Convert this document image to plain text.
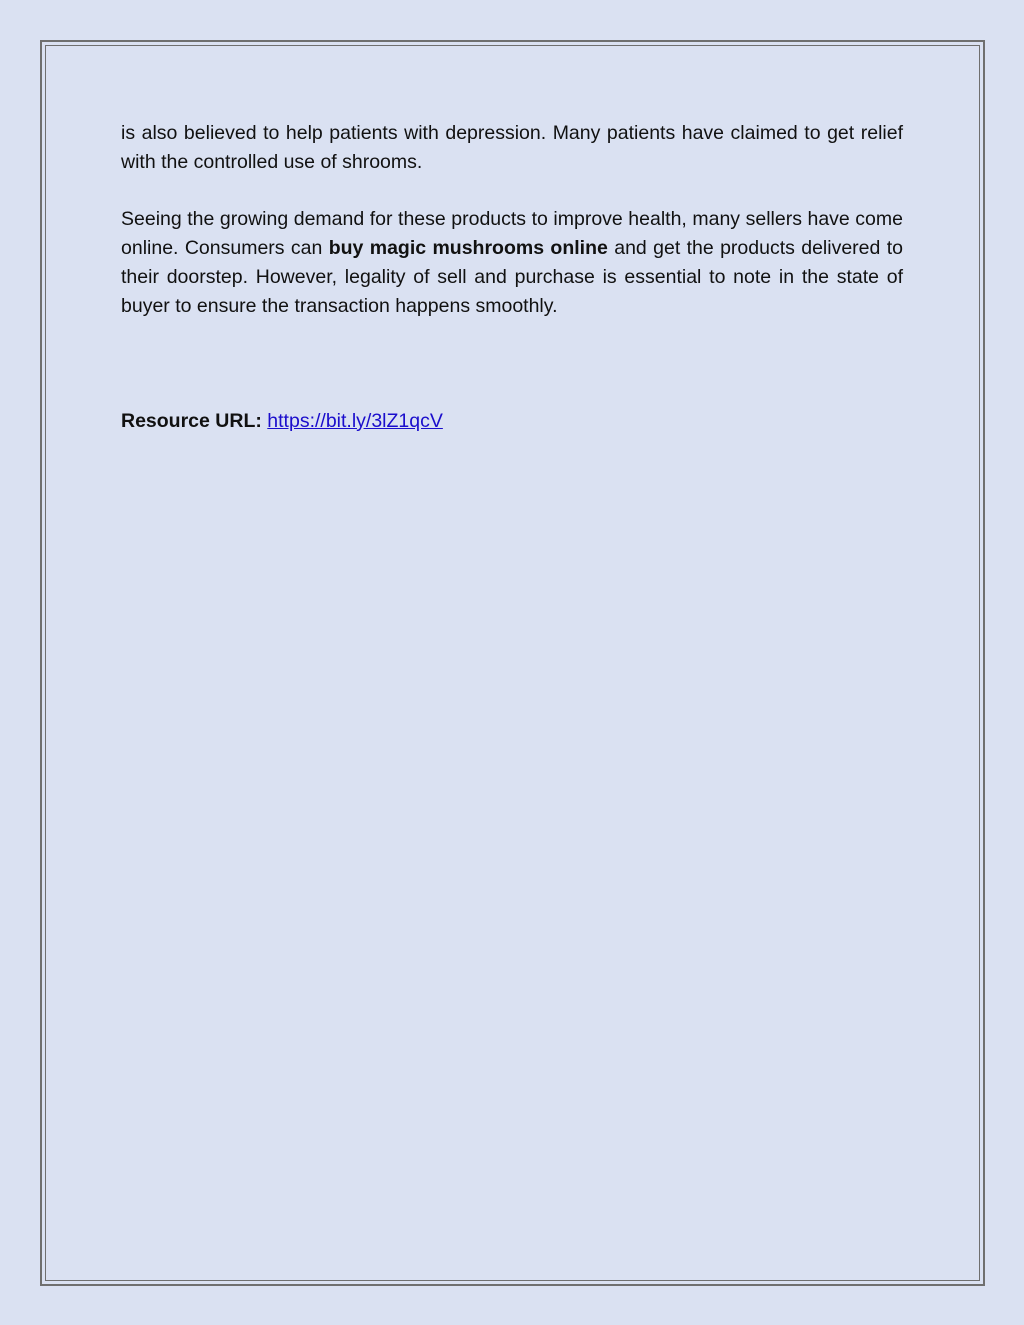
is also believed to help patients with depression. Many patients have claimed to get relief with the controlled use of shrooms.

Seeing the growing demand for these products to improve health, many sellers have come online. Consumers can buy magic mushrooms online and get the products delivered to their doorstep. However, legality of sell and purchase is essential to note in the state of buyer to ensure the transaction happens smoothly.

Resource URL: https://bit.ly/3lZ1qcV
